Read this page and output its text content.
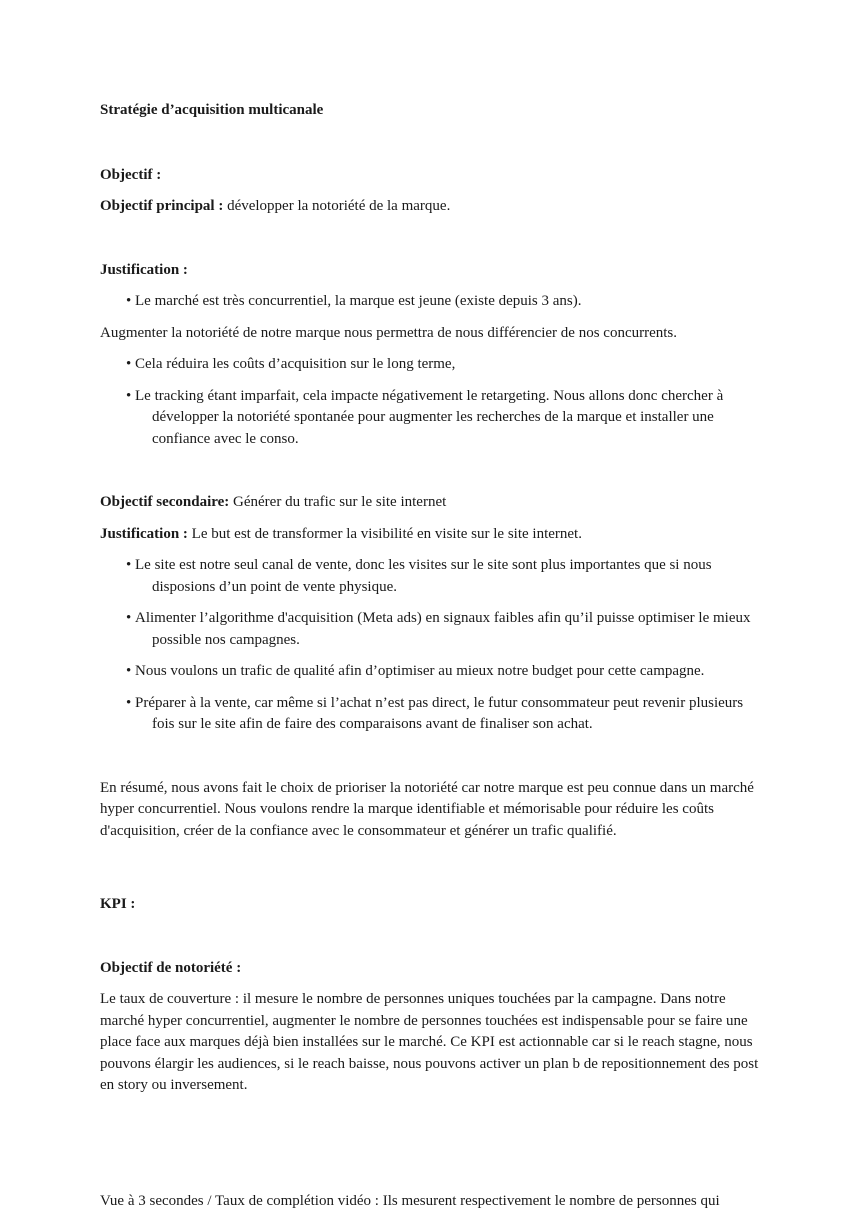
Stratégie d’acquisition multicanale

Objectif :

Objectif principal : développer la notoriété de la marque.

Justification :

• Le marché est très concurrentiel, la marque est jeune (existe depuis 3 ans).

Augmenter la notoriété de notre marque nous permettra de nous différencier de nos concurrents.

• Cela réduira les coûts d’acquisition sur le long terme,

• Le tracking étant imparfait, cela impacte négativement le retargeting. Nous allons donc chercher à développer la notoriété spontanée pour augmenter les recherches de la marque et installer une confiance avec le conso.

Objectif secondaire: Générer du trafic sur le site internet

Justification : Le but est de transformer la visibilité en visite sur le site internet.

• Le site est notre seul canal de vente, donc les visites sur le site sont plus importantes que si nous disposions d’un point de vente physique.

• Alimenter l’algorithme d'acquisition (Meta ads) en signaux faibles afin qu’il puisse optimiser le mieux possible nos campagnes.

• Nous voulons un trafic de qualité afin d’optimiser au mieux notre budget pour cette campagne.

• Préparer à la vente, car même si l’achat n’est pas direct, le futur consommateur peut revenir plusieurs fois sur le site afin de faire des comparaisons avant de finaliser son achat.

En résumé, nous avons fait le choix de prioriser la notoriété car notre marque est peu connue dans un marché hyper concurrentiel. Nous voulons rendre la marque identifiable et mémorisable pour réduire les coûts d'acquisition, créer de la confiance avec le consommateur et générer un trafic qualifié.

KPI :

Objectif de notoriété :

Le taux de couverture : il mesure le nombre de personnes uniques touchées par la campagne. Dans notre marché hyper concurrentiel, augmenter le nombre de personnes touchées est indispensable pour se faire une place face aux marques déjà bien installées sur le marché. Ce KPI est actionnable car si le reach stagne, nous pouvons élargir les audiences, si le reach baisse, nous pouvons activer un plan b de repositionnement des post en story ou inversement.

Vue à 3 secondes / Taux de complétion vidéo : Ils mesurent respectivement le nombre de personnes qui
